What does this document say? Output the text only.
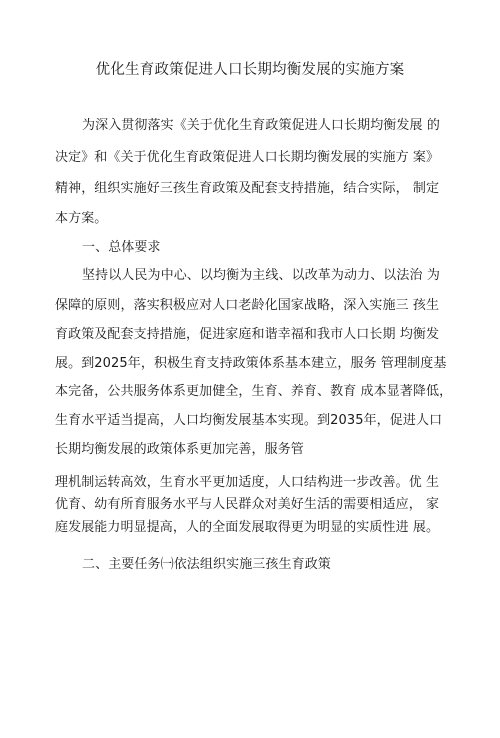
优化生育政策促进人口长期均衡发展的实施方案
为深入贯彻落实《关于优化生育政策促进人口长期均衡发展 的
决定》和《关于优化生育政策促进人口长期均衡发展的实施方 案》
精神，组织实施好三孩生育政策及配套支持措施，结合实际， 制定
本方案。
一、总体要求
坚持以人民为中心、以均衡为主线、以改革为动力、以法治 为
保障的原则，落实积极应对人口老龄化国家战略，深入实施三 孩生
育政策及配套支持措施，促进家庭和谐幸福和我市人口长期 均衡发
展。到2025年，积极生育支持政策体系基本建立，服务 管理制度基
本完备，公共服务体系更加健全，生育、养育、教育 成本显著降低，
生育水平适当提高，人口均衡发展基本实现。到2035年，促进人口
长期均衡发展的政策体系更加完善，服务管
理机制运转高效，生育水平更加适度，人口结构进一步改善。优 生
优育、幼有所育服务水平与人民群众对美好生活的需要相适应， 家
庭发展能力明显提高，人的全面发展取得更为明显的实质性进 展。
二、主要任务㈠依法组织实施三孩生育政策
